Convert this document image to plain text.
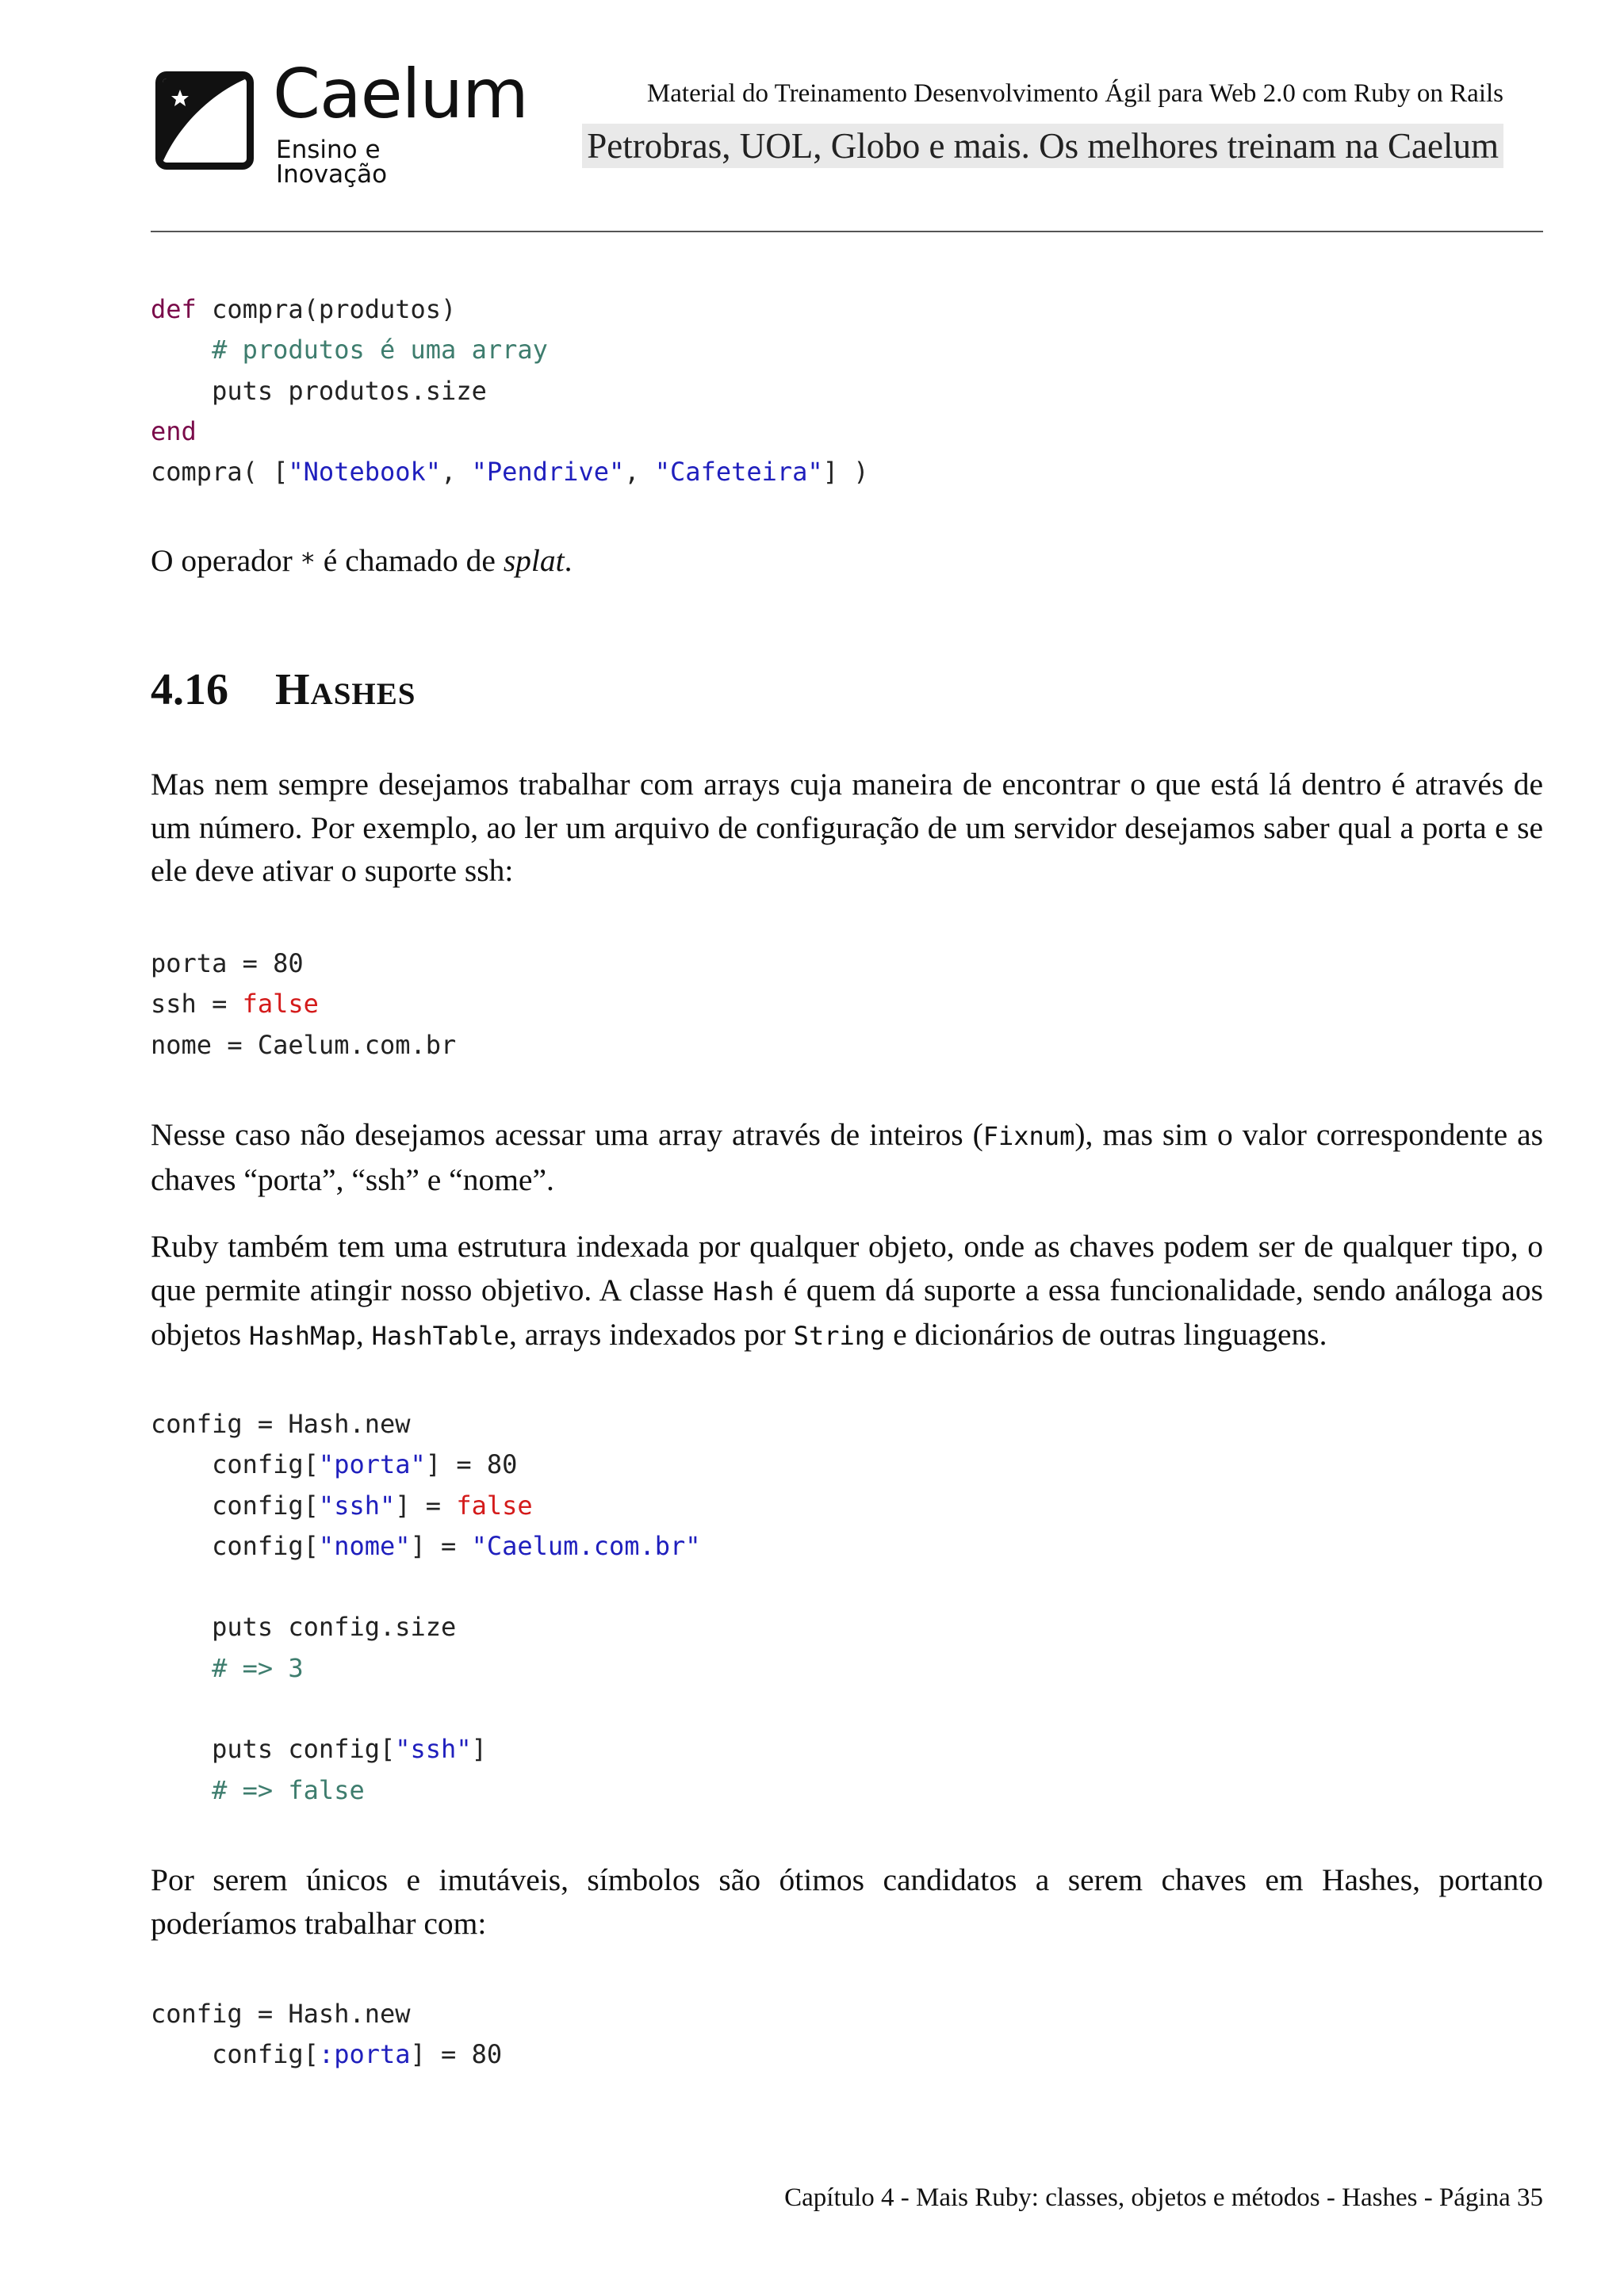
Caelum
Ensino e Inovação
Material do Treinamento Desenvolvimento Ágil para Web 2.0 com Ruby on Rails
Petrobras, UOL, Globo e mais. Os melhores treinam na Caelum
def compra(produtos)
# produtos é uma array
puts produtos.size
end
compra( ["Notebook", "Pendrive", "Cafeteira"] )
O operador * é chamado de splat.
4.16 Hashes
Mas nem sempre desejamos trabalhar com arrays cuja maneira de encontrar o que está lá dentro é através de um número. Por exemplo, ao ler um arquivo de configuração de um servidor desejamos saber qual a porta e se ele deve ativar o suporte ssh:
porta = 80
ssh = false
nome = Caelum.com.br
Nesse caso não desejamos acessar uma array através de inteiros (Fixnum), mas sim o valor correspondente as chaves “porta”, “ssh” e “nome”.
Ruby também tem uma estrutura indexada por qualquer objeto, onde as chaves podem ser de qualquer tipo, o que permite atingir nosso objetivo. A classe Hash é quem dá suporte a essa funcionalidade, sendo análoga aos objetos HashMap, HashTable, arrays indexados por String e dicionários de outras linguagens.
config = Hash.new
config["porta"] = 80
config["ssh"] = false
config["nome"] = "Caelum.com.br"

puts config.size
# => 3

puts config["ssh"]
# => false
Por serem únicos e imutáveis, símbolos são ótimos candidatos a serem chaves em Hashes, portanto poderíamos trabalhar com:
config = Hash.new
config[:porta] = 80
Capítulo 4 - Mais Ruby: classes, objetos e métodos - Hashes - Página 35
